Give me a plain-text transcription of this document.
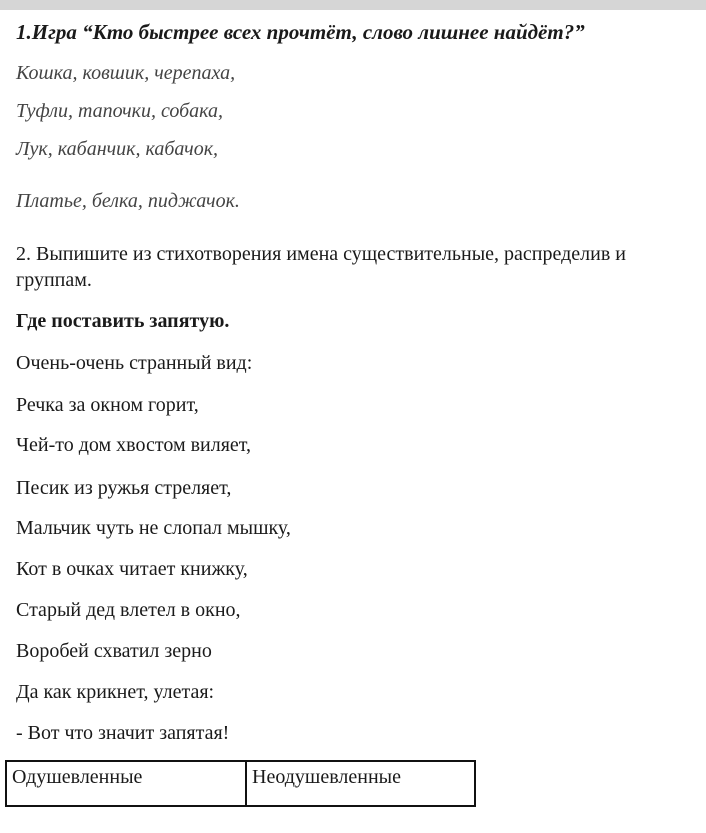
1.Игра “Кто быстрее всех прочтёт, слово лишнее найдёт?”
Кошка, ковшик, черепаха,
Туфли, тапочки, собака,
Лук, кабанчик, кабачок,
Платье, белка, пиджачок.
2. Выпишите из стихотворения имена существительные, распределив и
группам.
Где поставить запятую.
Очень-очень странный вид:
Речка за окном горит,
Чей-то дом хвостом виляет,
Песик из ружья стреляет,
Мальчик чуть не слопал мышку,
Кот в очках читает книжку,
Старый дед влетел в окно,
Воробей схватил зерно
Да как крикнет, улетая:
- Вот что значит запятая!
Одушевленные	Неодушевленные
